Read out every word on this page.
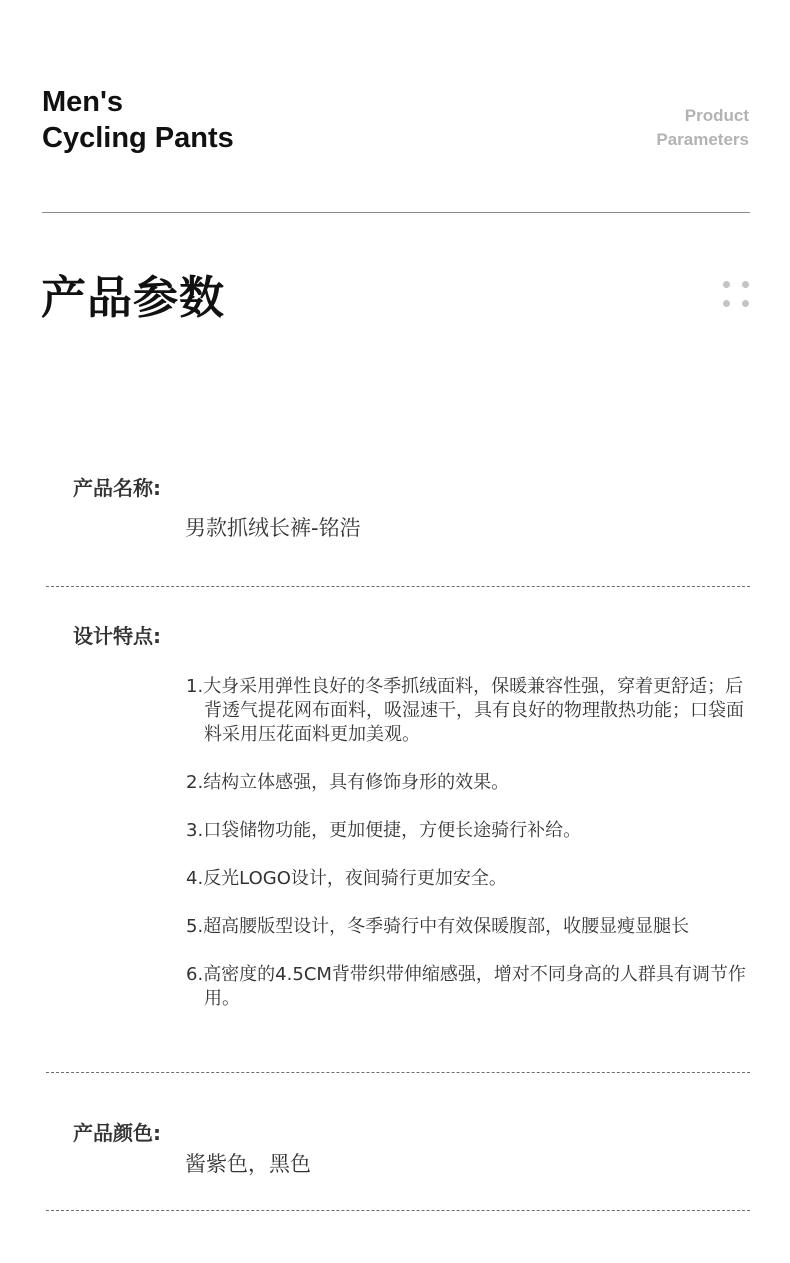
Men's
Cycling Pants
Product
Parameters
产品参数
产品名称:
男款抓绒长裤-铭浩
设计特点:
1.大身采用弹性良好的冬季抓绒面料，保暖兼容性强，穿着更舒适；后背透气提花网布面料，吸湿速干，具有良好的物理散热功能；口袋面料采用压花面料更加美观。
2.结构立体感强，具有修饰身形的效果。
3.口袋储物功能，更加便捷，方便长途骑行补给。
4.反光LOGO设计，夜间骑行更加安全。
5.超高腰版型设计，冬季骑行中有效保暖腹部，收腰显瘦显腿长
6.高密度的4.5CM背带织带伸缩感强，增对不同身高的人群具有调节作用。
产品颜色:
酱紫色，黑色
